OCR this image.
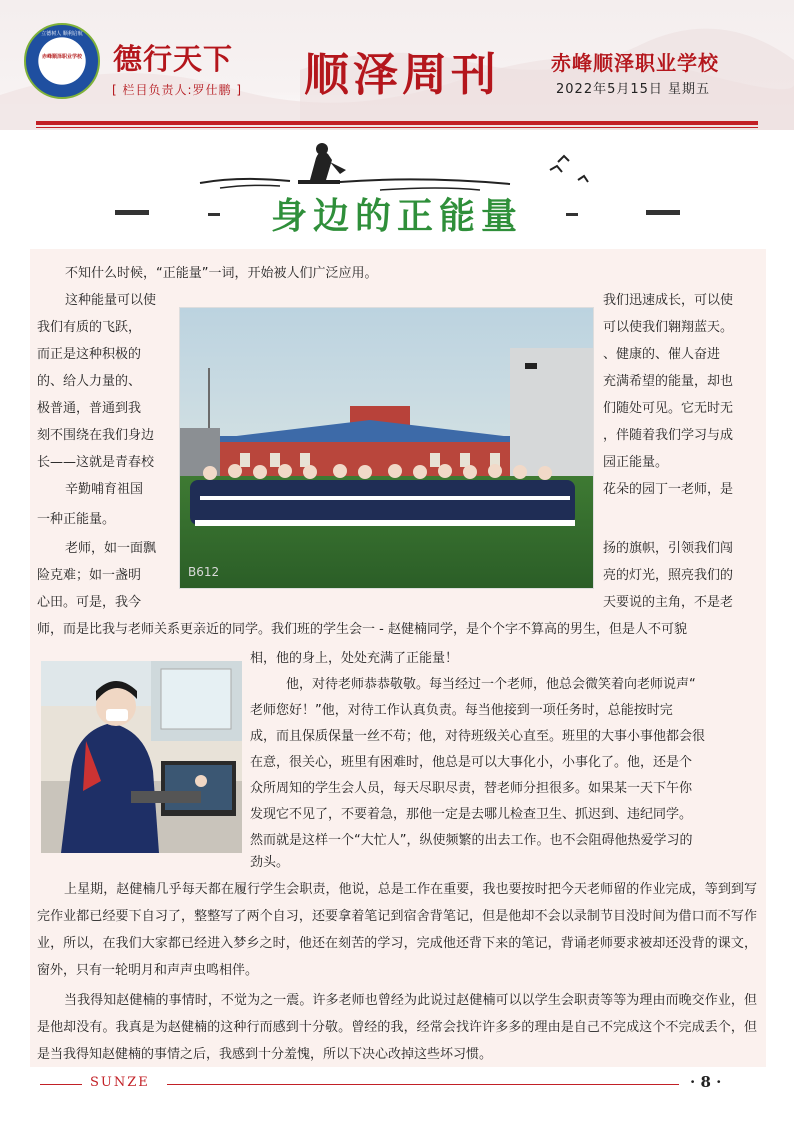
立德树人 顺利启航
赤峰顺泽职业学校 德行天下
[ 栏目负责人:罗仕鹏 ] 顺泽周刊	赤峰顺泽职业学校
2022年5月15日 星期五
身边的正能量
不知什么时候，“正能量”一词，开始被人们广泛应用。
这种能量可以使
我们有质的飞跃，
而正是这种积极的
的、给人力量的、
极普通，普通到我
刻不围绕在我们身边
长——这就是青春校
辛勤哺育祖国
我们迅速成长，可以使
可以使我们翱翔蓝天。
、健康的、催人奋进
充满希望的能量，却也
们随处可见。它无时无
，伴随着我们学习与成
园正能量。
花朵的园丁一老师，是
一种正能量。
老师，如一面飘
险克难；如一盏明
心田。可是，我今
扬的旗帜，引领我们闯
亮的灯光，照亮我们的
天要说的主角，不是老
B612
师，而是比我与老师关系更亲近的同学。我们班的学生会一 - 赵健楠同学，是个个字不算高的男生，但是人不可貌
相，他的身上，处处充满了正能量！
他，对待老师恭恭敬敬。每当经过一个老师，他总会微笑着向老师说声“
老师您好！”他，对待工作认真负责。每当他接到一项任务时，总能按时完
成，而且保质保量一丝不苟；他，对待班级关心直至。班里的大事小事他都会很
在意，很关心，班里有困难时，他总是可以大事化小，小事化了。他，还是个
众所周知的学生会人员，每天尽职尽责，替老师分担很多。如果某一天下午你
发现它不见了，不要着急，那他一定是去哪儿检查卫生、抓迟到、违纪同学。
然而就是这样一个“大忙人”，纵使频繁的出去工作。也不会阻碍他热爱学习的
劲头。
上星期，赵健楠几乎每天都在履行学生会职责，他说，总是工作在重要，我也要按时把今天老师留的作业完成，等到到写完作业都已经要下自习了，整整写了两个自习，还要拿着笔记到宿舍背笔记，但是他却不会以录制节目没时间为借口而不写作业，所以，在我们大家都已经进入梦乡之时，他还在刻苦的学习，完成他还背下来的笔记，背诵老师要求被却还没背的课文，窗外，只有一轮明月和声声虫鸣相伴。
当我得知赵健楠的事情时，不觉为之一震。许多老师也曾经为此说过赵健楠可以以学生会职责等等为理由而晚交作业，但是他却没有。我真是为赵健楠的这种行而感到十分敬。曾经的我，经常会找许许多多的理由是自己不完成这个不完成丢个，但是当我得知赵健楠的事情之后，我感到十分羞愧，所以下决心改掉这些坏习惯。
SUNZE	· 8 ·
